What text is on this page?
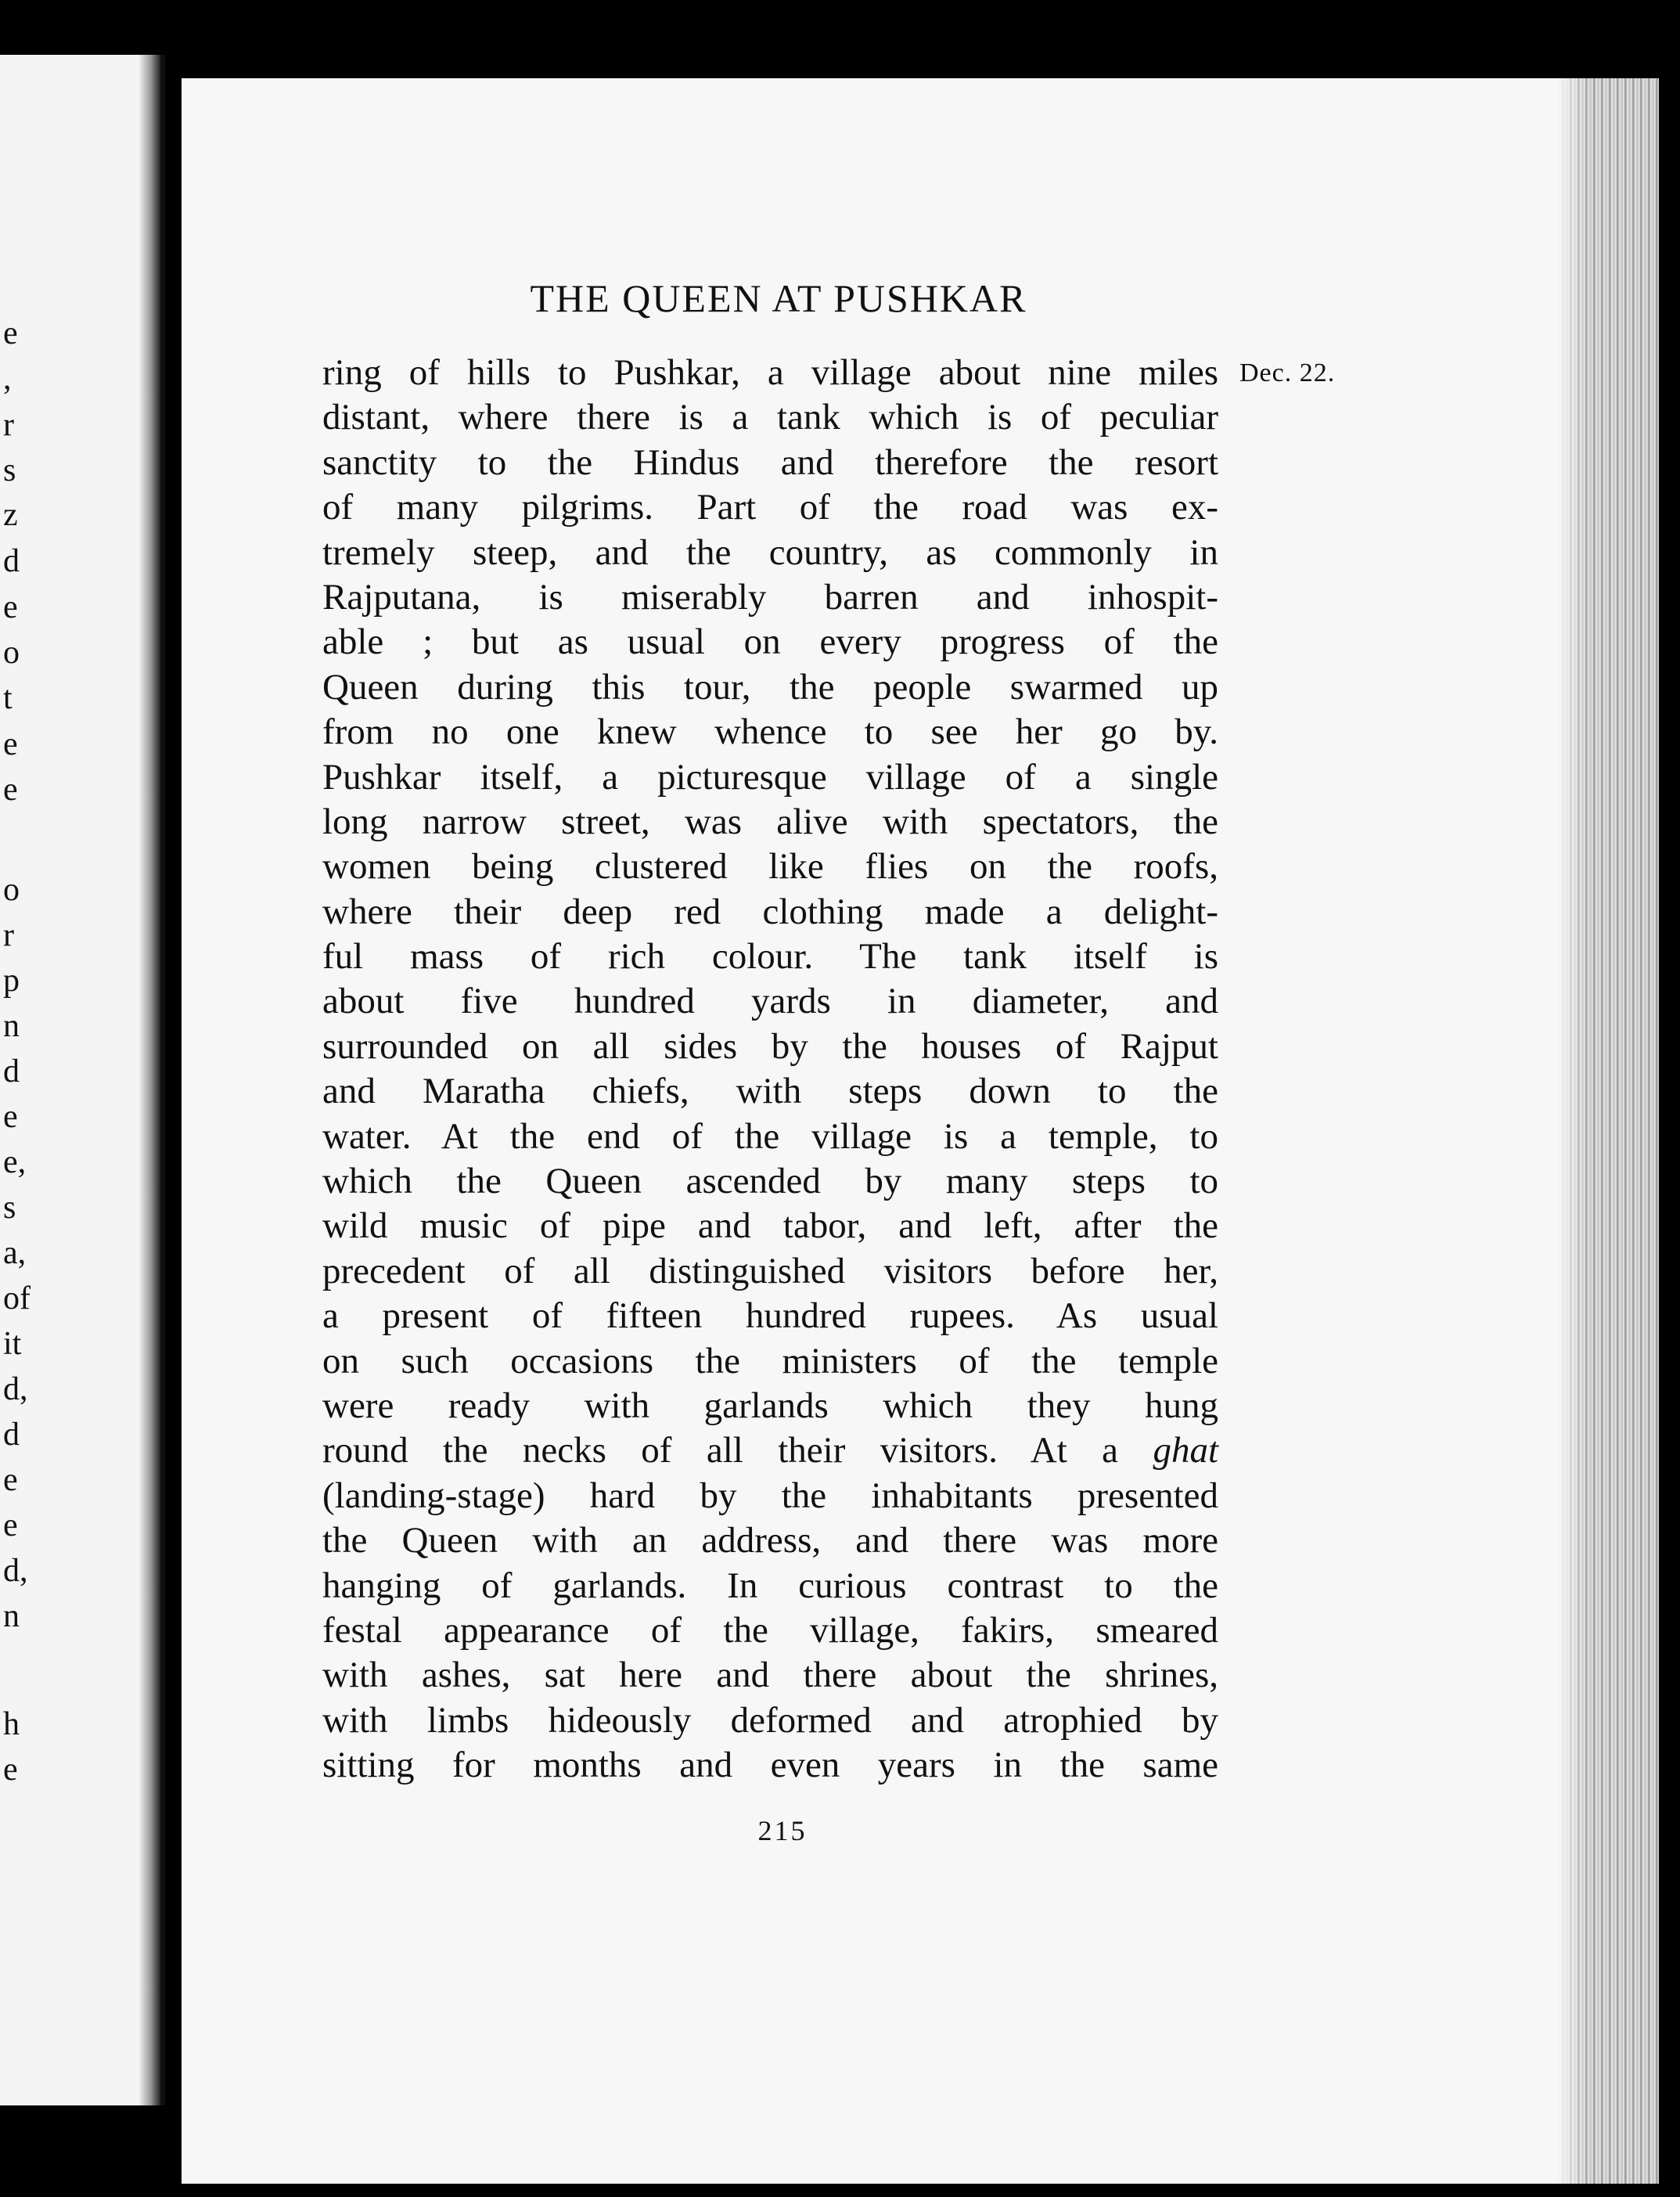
e
,
r
s
z
d
e
o
t
e
e
o
r
p
n
d
e
e,
s
a,
of
it
d,
d
e
e
d,
n
h
e
THE QUEEN AT PUSHKAR
Dec. 22.
ring of hills to Pushkar, a village about nine miles
distant, where there is a tank which is of peculiar
sanctity to the Hindus and therefore the resort
of many pilgrims. Part of the road was ex-
tremely steep, and the country, as commonly in
Rajputana, is miserably barren and inhospit-
able ; but as usual on every progress of the
Queen during this tour, the people swarmed up
from no one knew whence to see her go by.
Pushkar itself, a picturesque village of a single
long narrow street, was alive with spectators, the
women being clustered like flies on the roofs,
where their deep red clothing made a delight-
ful mass of rich colour. The tank itself is
about five hundred yards in diameter, and
surrounded on all sides by the houses of Rajput
and Maratha chiefs, with steps down to the
water. At the end of the village is a temple, to
which the Queen ascended by many steps to
wild music of pipe and tabor, and left, after the
precedent of all distinguished visitors before her,
a present of fifteen hundred rupees. As usual
on such occasions the ministers of the temple
were ready with garlands which they hung
round the necks of all their visitors. At a ghat
(landing-stage) hard by the inhabitants presented
the Queen with an address, and there was more
hanging of garlands. In curious contrast to the
festal appearance of the village, fakirs, smeared
with ashes, sat here and there about the shrines,
with limbs hideously deformed and atrophied by
sitting for months and even years in the same
215
